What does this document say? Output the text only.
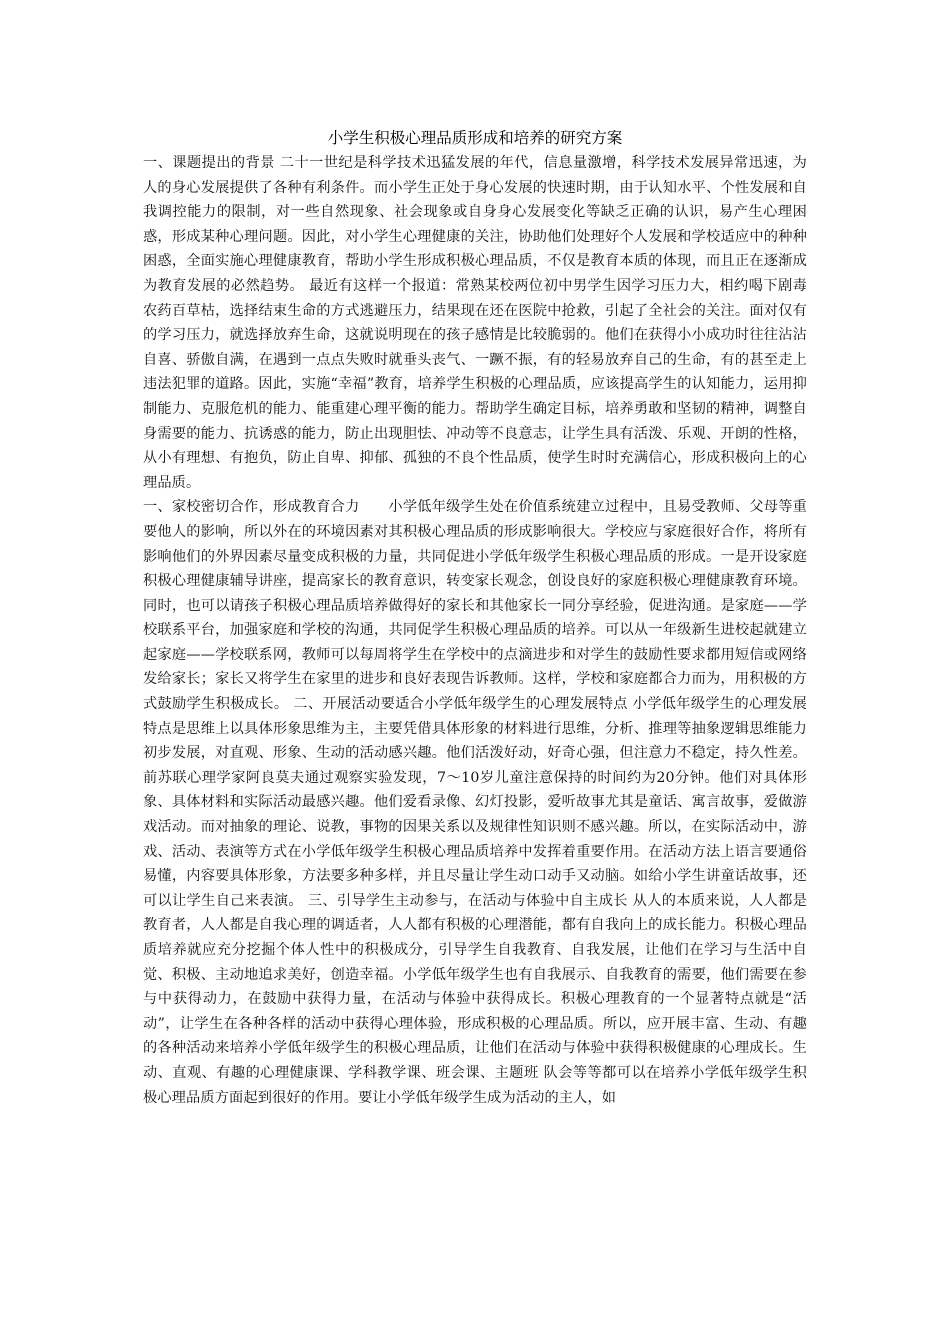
小学生积极心理品质形成和培养的研究方案

一、课题提出的背景 二十一世纪是科学技术迅猛发展的年代，信息量激增，科学技术发展异常迅速，为人的身心发展提供了各种有利条件。而小学生正处于身心发展的快速时期，由于认知水平、个性发展和自我调控能力的限制，对一些自然现象、社会现象或自身身心发展变化等缺乏正确的认识，易产生心理困惑，形成某种心理问题。因此，对小学生心理健康的关注，协助他们处理好个人发展和学校适应中的种种困惑，全面实施心理健康教育，帮助小学生形成积极心理品质，不仅是教育本质的体现，而且正在逐渐成为教育发展的必然趋势。 最近有这样一个报道：常熟某校两位初中男学生因学习压力大，相约喝下剧毒农药百草枯，选择结束生命的方式逃避压力，结果现在还在医院中抢救，引起了全社会的关注。面对仅有的学习压力，就选择放弃生命，这就说明现在的孩子感情是比较脆弱的。他们在获得小小成功时往往沾沾自喜、骄傲自满，在遇到一点点失败时就垂头丧气、一蹶不振，有的轻易放弃自己的生命，有的甚至走上违法犯罪的道路。因此，实施“幸福”教育，培养学生积极的心理品质，应该提高学生的认知能力，运用抑制能力、克服危机的能力、能重建心理平衡的能力。帮助学生确定目标，培养勇敢和坚韧的精神，调整自身需要的能力、抗诱惑的能力，防止出现胆怯、冲动等不良意志，让学生具有活泼、乐观、开朗的性格，从小有理想、有抱负，防止自卑、抑郁、孤独的不良个性品质，使学生时时充满信心，形成积极向上的心理品质。

一、家校密切合作，形成教育合力　　小学低年级学生处在价值系统建立过程中，且易受教师、父母等重要他人的影响，所以外在的环境因素对其积极心理品质的形成影响很大。学校应与家庭很好合作，将所有影响他们的外界因素尽量变成积极的力量，共同促进小学低年级学生积极心理品质的形成。一是开设家庭积极心理健康辅导讲座，提高家长的教育意识，转变家长观念，创设良好的家庭积极心理健康教育环境。同时，也可以请孩子积极心理品质培养做得好的家长和其他家长一同分享经验，促进沟通。是家庭——学校联系平台，加强家庭和学校的沟通，共同促学生积极心理品质的培养。可以从一年级新生进校起就建立起家庭——学校联系网，教师可以每周将学生在学校中的点滴进步和对学生的鼓励性要求都用短信或网络发给家长；家长又将学生在家里的进步和良好表现告诉教师。这样，学校和家庭都合力而为，用积极的方式鼓励学生积极成长。 二、开展活动要适合小学低年级学生的心理发展特点 小学低年级学生的心理发展特点是思维上以具体形象思维为主，主要凭借具体形象的材料进行思维，分析、推理等抽象逻辑思维能力初步发展，对直观、形象、生动的活动感兴趣。他们活泼好动，好奇心强，但注意力不稳定，持久性差。前苏联心理学家阿良莫夫通过观察实验发现，7～10岁儿童注意保持的时间约为20分钟。他们对具体形象、具体材料和实际活动最感兴趣。他们爱看录像、幻灯投影，爱听故事尤其是童话、寓言故事，爱做游戏活动。而对抽象的理论、说教，事物的因果关系以及规律性知识则不感兴趣。所以，在实际活动中，游戏、活动、表演等方式在小学低年级学生积极心理品质培养中发挥着重要作用。在活动方法上语言要通俗易懂，内容要具体形象，方法要多种多样，并且尽量让学生动口动手又动脑。如给小学生讲童话故事，还可以让学生自己来表演。 三、引导学生主动参与，在活动与体验中自主成长 从人的本质来说，人人都是教育者，人人都是自我心理的调适者，人人都有积极的心理潜能，都有自我向上的成长能力。积极心理品质培养就应充分挖掘个体人性中的积极成分，引导学生自我教育、自我发展，让他们在学习与生活中自觉、积极、主动地追求美好，创造幸福。小学低年级学生也有自我展示、自我教育的需要，他们需要在参与中获得动力，在鼓励中获得力量，在活动与体验中获得成长。积极心理教育的一个显著特点就是“活动”，让学生在各种各样的活动中获得心理体验，形成积极的心理品质。所以，应开展丰富、生动、有趣的各种活动来培养小学低年级学生的积极心理品质，让他们在活动与体验中获得积极健康的心理成长。生动、直观、有趣的心理健康课、学科教学课、班会课、主题班 队会等等都可以在培养小学低年级学生积极心理品质方面起到很好的作用。要让小学低年级学生成为活动的主人，如
